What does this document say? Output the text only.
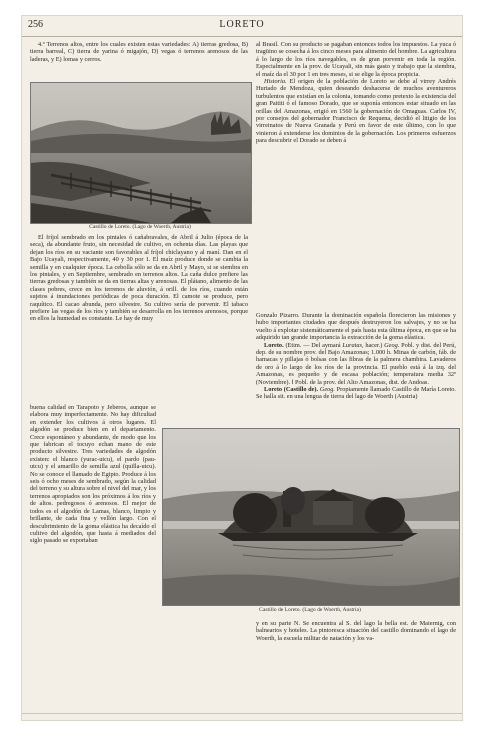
256	LORETO

4.º Terrenos altos, entre los cuales existen estas variedades: A) tierras gredosa, B) tierra barreal, C) tierra de yarina ó migajón, D) vegas ó terrenos arenosos de las laderas, y E) lomas y cerros.

Castillo de Loreto. (Lago de Woerth, Austria)

al Brasil. Con su producto se pagaban entonces todos los impuestos. La yuca ó tragüino se cosecha á los cinco meses para alimento del hombre. La agricultura á lo largo de los ríos navegables, es de gran porvenir en toda la región. Especialmente en la prov. de Ucayali, sin más gasto y trabajo que la siembra, el maíz da el 30 por 1 en tres meses, si se elige la época propicia.

Historia. El origen de la población de Loreto se debe al virrey Andrés Hurtado de Mendoza, quien deseando deshacerse de muchos aventureros turbulentos que existían en la colonia, tomando como pretexto la existencia del gran Paititi ó el famoso Dorado, que se suponía entonces estar situado en las orillas del Amazonas, erigió en 1560 la gobernación de Omaguas. Carlos IV, por consejos del gobernador Francisco de Requena, decidió el litigio de los virreinatos de Nueva Granada y Perú en favor de este último, con lo que vinieron á extenderse los dominios de la gobernación. Los primeros esfuerzos para descubrir el Dorado se deben á

El fríjol sembrado en los pintales ó cañabravales, de Abril á Julio (época de la seca), da abundante fruto, sin necesidad de cultivo, en ochenta días. Las playas que dejan los ríos en su vaciante son favorables al fríjol chiclayano y al maní. Dan en el Bajo Ucayali, respectivamente, 40 y 30 por 1. El maíz produce donde se cambia la semilla y en cualquier época. La cebolla sólo se da en Abril y Mayo, si se siembra en los pintales, y en Septiembre, sembrado en terrenos altos. La caña dulce prefiere las tierras gredosas y también se da en tierras altas y arenosas. El plátano, alimento de las clases pobres, crece en los terrenos de aluvión, á orill. de los ríos, cuando están sujetos á inundaciones periódicas de poca duración. El camote se produce, pero raquítico. El cacao abunda, pero silvestre. Su cultivo sería de porvenir. El tabaco prefiere las vegas de los ríos y también se desarrolla en los terrenos arenosos, porque en ellos la humedad es constante. Le hay de muy	Gonzalo Pizarro. Durante la dominación española florecieron las misiones y hubo importantes ciudades que después destruyeron los salvajes, y no se ha vuelto á explotar sistemáticamente el país hasta esta última época, en que se ha adquirido tan grande importancia la extracción de la goma elástica.

Loreto. (Etim. — Del aymará Luratas, hacer.) Geog. Pobl. y dist. del Perú, dep. de su nombre prov. del Bajo Amazonas; 1.000 h. Minas de carbón, fáb. de hamacas y pillajas ó bolsas con las fibras de la palmera chambira. Lavaderos de oro á lo largo de los ríos de la provincia. El pueblo está á la izq. del Amazonas, es pequeño y de escasa población; temperatura media 32º (Noviembre). ‖ Pobl. de la prov. del Alto Amazonas, dist. de Andoas.

Loreto (Castillo de). Geog. Propiamente llamado Castillo de María Loreto. Se halla sit. en una lengua de tierra del lago de Woerth (Austria)

buena calidad en Tarapoto y Jeberos, aunque se elabora muy imperfectamente. No hay dificultad en extender los cultivos á otros lugares. El algodón se produce bien en el departamento. Crece espontáneo y abundante, de modo que los que fabrican el tocuyo echan mano de este producto silvestre. Tres variedades de algodón existen: el blanco (yurac-utcu), el pardo (pau-utcu) y el amarillo de semilla azul (quilla-utcu). No se conoce el llamado de Egipto. Produce á los seis ó ocho meses de sembrado, según la calidad del terreno y su altura sobre el nivel del mar, y los terrenos apropiados son los próximos á los ríos y de altos. pedregosos ó arenosos. El mejor de todos es el algodón de Lamas, blanco, limpio y brillante, de cada fina y vellón largo. Con el descubrimiento de la goma elástica ha decaído el cultivo del algodón, que hasta á mediados del siglo pasado se exportaban

Castillo de Loreto. (Lago de Woerth, Austria)

y en su parte N. Se encuentra al S. del lago la bella est. de Maiernig, con balnearios y hoteles. La pintoresca situación del castillo dominando el lago de Woerth, la escuela militar de natación y los va-
